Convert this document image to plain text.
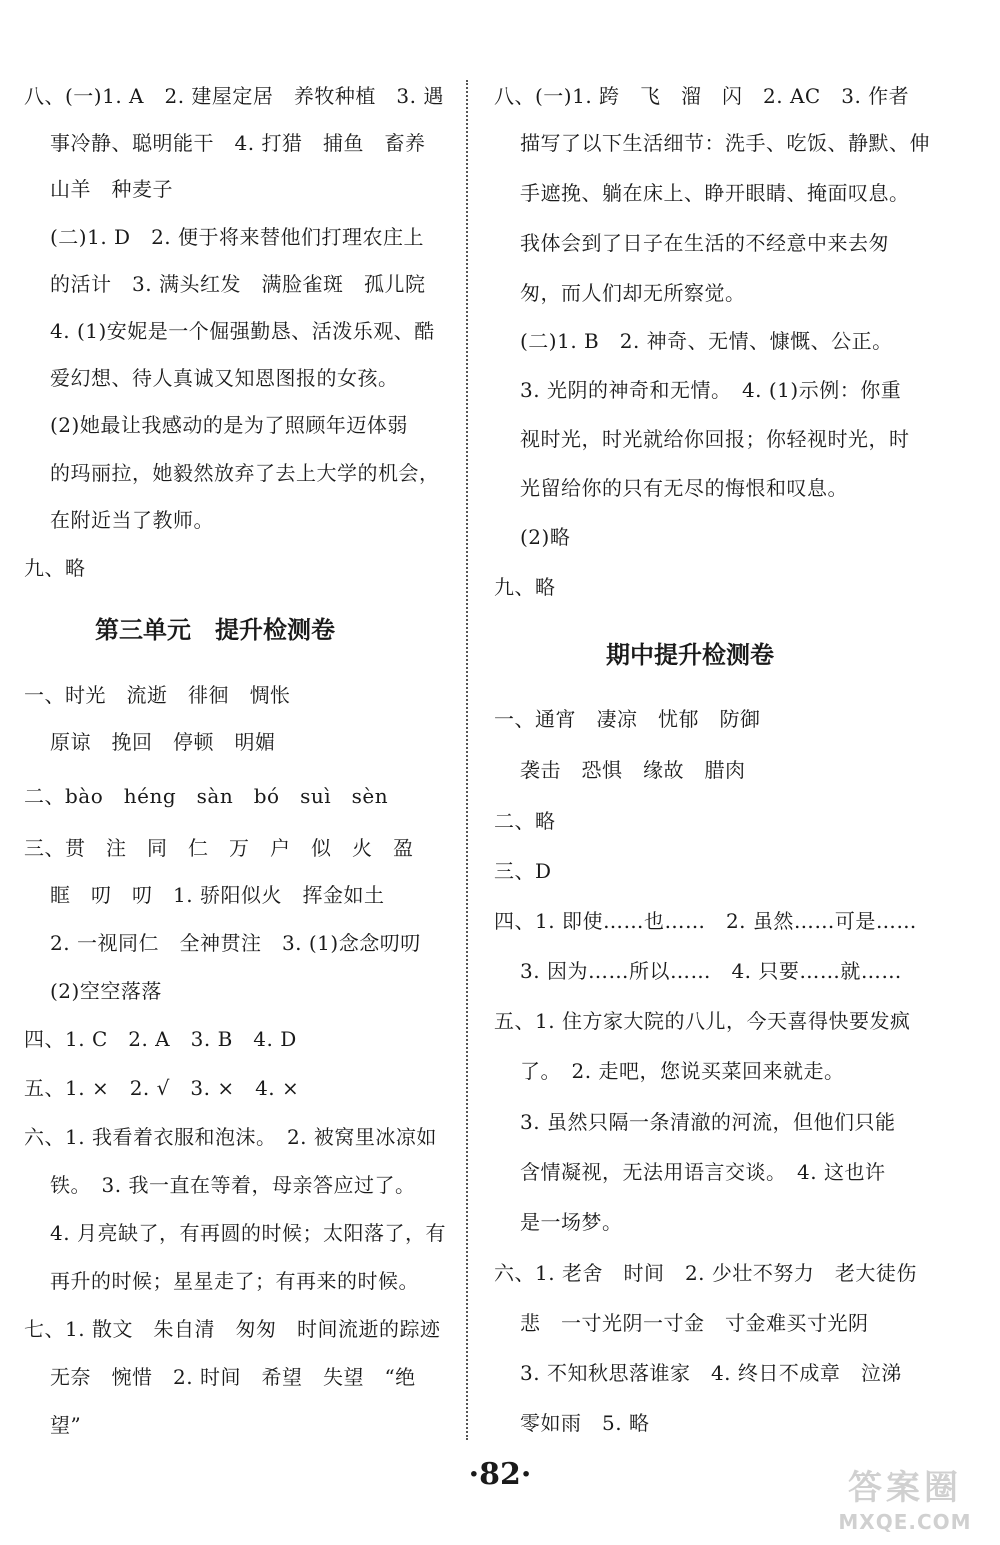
八、(一)1. A　2. 建屋定居　养牧种植　3. 遇
事冷静、聪明能干　4. 打猎　捕鱼　畜养
山羊　种麦子
(二)1. D　2. 便于将来替他们打理农庄上
的活计　3. 满头红发　满脸雀斑　孤儿院
4. (1)安妮是一个倔强勤恳、活泼乐观、酷
爱幻想、待人真诚又知恩图报的女孩。
(2)她最让我感动的是为了照顾年迈体弱
的玛丽拉，她毅然放弃了去上大学的机会，
在附近当了教师。
九、略
第三单元　提升检测卷
一、时光　流逝　徘徊　惆怅
原谅　挽回　停顿　明媚
二、bào　héng　sàn　bó　suì　sèn
三、贯　注　同　仁　万　户　似　火　盈
眶　叨　叨　1. 骄阳似火　挥金如土
2. 一视同仁　全神贯注　3. (1)念念叨叨
(2)空空落落
四、1. C　2. A　3. B　4. D
五、1. ×　2. √　3. ×　4. ×
六、1. 我看着衣服和泡沫。　2. 被窝里冰凉如
铁。　3. 我一直在等着，母亲答应过了。
4. 月亮缺了，有再圆的时候；太阳落了，有
再升的时候；星星走了；有再来的时候。
七、1. 散文　朱自清　匆匆　时间流逝的踪迹
无奈　惋惜　2. 时间　希望　失望　“绝
望”
八、(一)1. 跨　飞　溜　闪　2. AC　3. 作者
描写了以下生活细节：洗手、吃饭、静默、伸
手遮挽、躺在床上、睁开眼睛、掩面叹息。
我体会到了日子在生活的不经意中来去匆
匆，而人们却无所察觉。
(二)1. B　2. 神奇、无情、慷慨、公正。
3. 光阴的神奇和无情。　4. (1)示例：你重
视时光，时光就给你回报；你轻视时光，时
光留给你的只有无尽的悔恨和叹息。
(2)略
九、略
期中提升检测卷
一、通宵　凄凉　忧郁　防御
袭击　恐惧　缘故　腊肉
二、略
三、D
四、1. 即使……也……　2. 虽然……可是……
3. 因为……所以……　4. 只要……就……
五、1. 住方家大院的八儿，今天喜得快要发疯
了。　2. 走吧，您说买菜回来就走。
3. 虽然只隔一条清澈的河流，但他们只能
含情凝视，无法用语言交谈。　4. 这也许
是一场梦。
六、1. 老舍　时间　2. 少壮不努力　老大徒伤
悲　一寸光阴一寸金　寸金难买寸光阴
3. 不知秋思落谁家　4. 终日不成章　泣涕
零如雨　5. 略
·82·	答案圈
MXQE.COM
